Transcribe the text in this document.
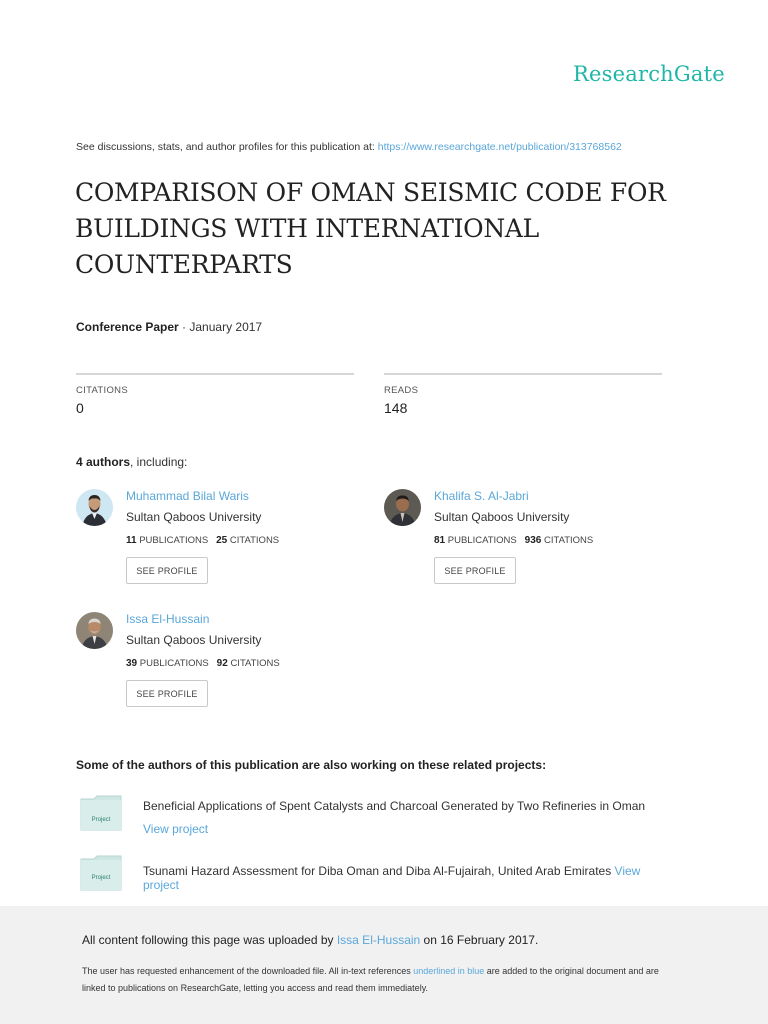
ResearchGate
See discussions, stats, and author profiles for this publication at: https://www.researchgate.net/publication/313768562
COMPARISON OF OMAN SEISMIC CODE FOR BUILDINGS WITH INTERNATIONAL COUNTERPARTS
Conference Paper · January 2017
CITATIONS
0
READS
148
4 authors, including:
Muhammad Bilal Waris
Sultan Qaboos University
11 PUBLICATIONS 25 CITATIONS
SEE PROFILE
Khalifa S. Al-Jabri
Sultan Qaboos University
81 PUBLICATIONS 936 CITATIONS
SEE PROFILE
Issa El-Hussain
Sultan Qaboos University
39 PUBLICATIONS 92 CITATIONS
SEE PROFILE
Some of the authors of this publication are also working on these related projects:
Project
Beneficial Applications of Spent Catalysts and Charcoal Generated by Two Refineries in Oman View project
Project	Tsunami Hazard Assessment for Diba Oman and Diba Al-Fujairah, United Arab Emirates View project
All content following this page was uploaded by Issa El-Hussain on 16 February 2017.
The user has requested enhancement of the downloaded file. All in-text references underlined in blue are added to the original document and are linked to publications on ResearchGate, letting you access and read them immediately.
